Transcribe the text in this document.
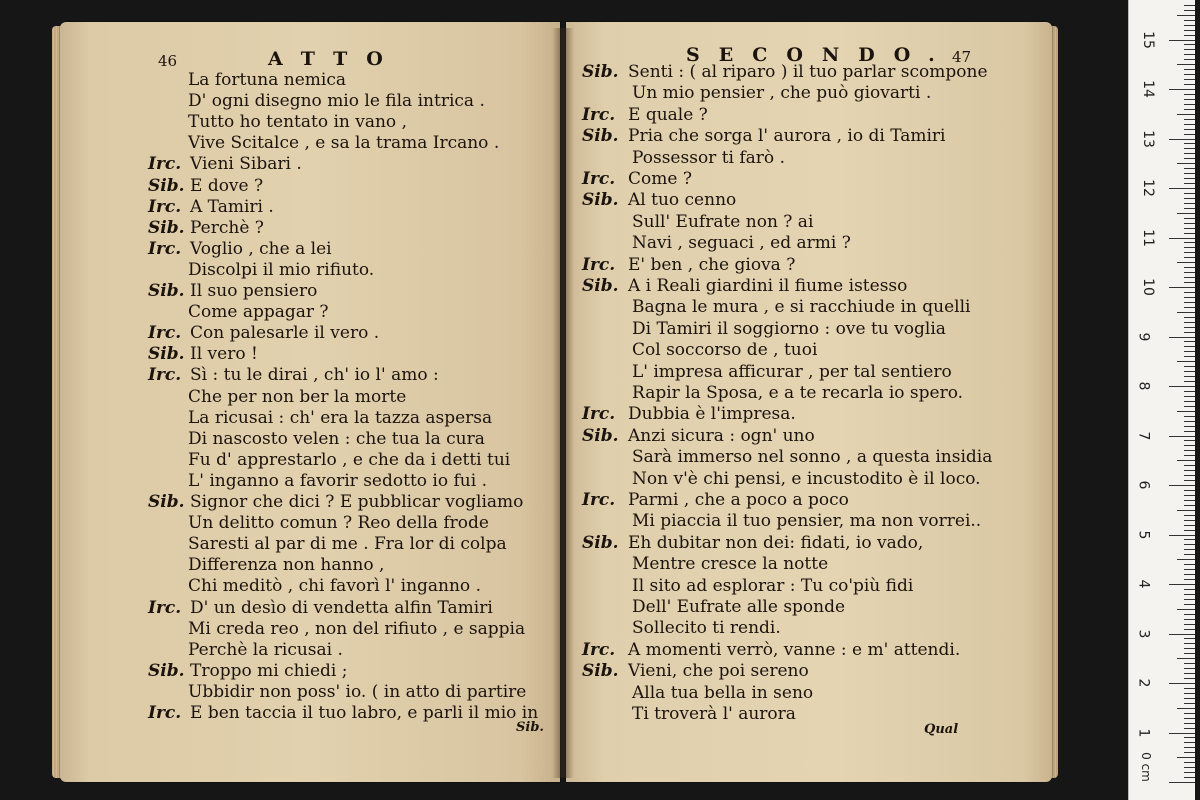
46	ATTO
La fortuna nemica
D' ogni disegno mio le fila intrica .
Tutto ho tentato in vano ,
Vive Scitalce , e sa la trama Ircano .
Irc. Vieni Sibari .
Sib. E dove ?
Irc. A Tamiri .
Sib. Perchè ?
Irc. Voglio , che a lei
Discolpi il mio rifiuto.
Sib. Il suo pensiero
Come appagar ?
Irc. Con palesarle il vero .
Sib. Il vero !
Irc. Sì : tu le dirai , ch' io l' amo :
Che per non ber la morte
La ricusai : ch' era la tazza aspersa
Di nascosto velen : che tua la cura
Fu d' apprestarlo , e che da i detti tui
L' inganno a favorir sedotto io fui .
Sib. Signor che dici ? E pubblicar vogliamo
Un delitto comun ? Reo della frode
Saresti al par di me . Fra lor di colpa
Differenza non hanno ,
Chi meditò , chi favorì l' inganno .
Irc. D' un desìo di vendetta alfin Tamiri
Mi creda reo , non del rifiuto , e sappia
Perchè la ricusai .
Sib. Troppo mi chiedi ;
Ubbidir non poss' io. ( in atto di partire
Irc. E ben taccia il tuo labro, e parli il mio in
Sib.
SECONDO.
47
Sib. Senti : ( al riparo ) il tuo parlar scompone
Un mio pensier , che può giovarti .
Irc. E quale ?
Sib. Pria che sorga l' aurora , io di Tamiri
Possessor ti farò .
Irc. Come ?
Sib. Al tuo cenno
Sull' Eufrate non ? ai
Navi , seguaci , ed armi ?
Irc. E' ben , che giova ?
Sib. A i Reali giardini il fiume istesso
Bagna le mura , e si racchiude in quelli
Di Tamiri il soggiorno : ove tu voglia
Col soccorso de , tuoi
L' impresa afficurar , per tal sentiero
Rapir la Sposa, e a te recarla io spero.
Irc. Dubbia è l'impresa.
Sib. Anzi sicura : ogn' uno
Sarà immerso nel sonno , a questa insidia
Non v'è chi pensi, e incustodito è il loco.
Irc. Parmi , che a poco a poco
Mi piaccia il tuo pensier, ma non vorrei..
Sib. Eh dubitar non dei: fidati, io vado,
Mentre cresce la notte
Il sito ad esplorar : Tu co'più fidi
Dell' Eufrate alle sponde
Sollecito ti rendi.
Irc. A momenti verrò, vanne : e m' attendi.
Sib. Vieni, che poi sereno
Alla tua bella in seno
Ti troverà l' aurora
Qual
15
14
13
12
11
10
9
8
7
6
5
4
3
2
1
0 cm
